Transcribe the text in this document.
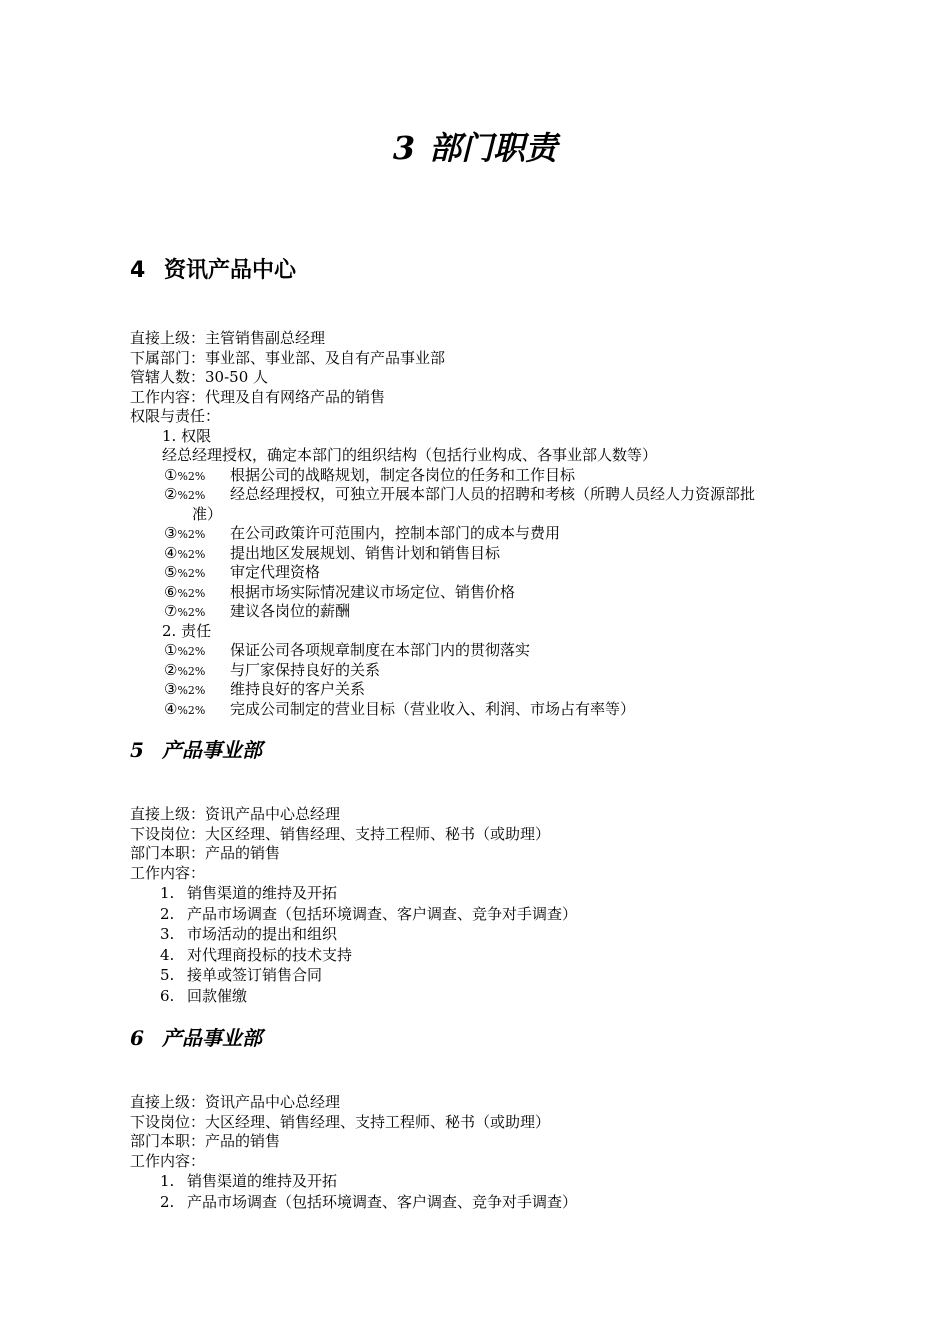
3 部门职责
4 资讯产品中心
直接上级：主管销售副总经理
下属部门：事业部、事业部、及自有产品事业部
管辖人数：30-50 人
工作内容：代理及自有网络产品的销售
权限与责任：
1. 权限
经总经理授权，确定本部门的组织结构（包括行业构成、各事业部人数等）
①%2% 根据公司的战略规划，制定各岗位的任务和工作目标
②%2% 经总经理授权，可独立开展本部门人员的招聘和考核（所聘人员经人力资源部批
准）
③%2% 在公司政策许可范围内，控制本部门的成本与费用
④%2% 提出地区发展规划、销售计划和销售目标
⑤%2% 审定代理资格
⑥%2% 根据市场实际情况建议市场定位、销售价格
⑦%2% 建议各岗位的薪酬
2. 责任
①%2% 保证公司各项规章制度在本部门内的贯彻落实
②%2% 与厂家保持良好的关系
③%2% 维持良好的客户关系
④%2% 完成公司制定的营业目标（营业收入、利润、市场占有率等）
5 产品事业部
直接上级：资讯产品中心总经理
下设岗位：大区经理、销售经理、支持工程师、秘书（或助理）
部门本职：产品的销售
工作内容：
1. 销售渠道的维持及开拓
2. 产品市场调查（包括环境调查、客户调查、竞争对手调查）
3. 市场活动的提出和组织
4. 对代理商投标的技术支持
5. 接单或签订销售合同
6. 回款催缴
6 产品事业部
直接上级：资讯产品中心总经理
下设岗位：大区经理、销售经理、支持工程师、秘书（或助理）
部门本职：产品的销售
工作内容：
1. 销售渠道的维持及开拓
2. 产品市场调查（包括环境调查、客户调查、竞争对手调查）
